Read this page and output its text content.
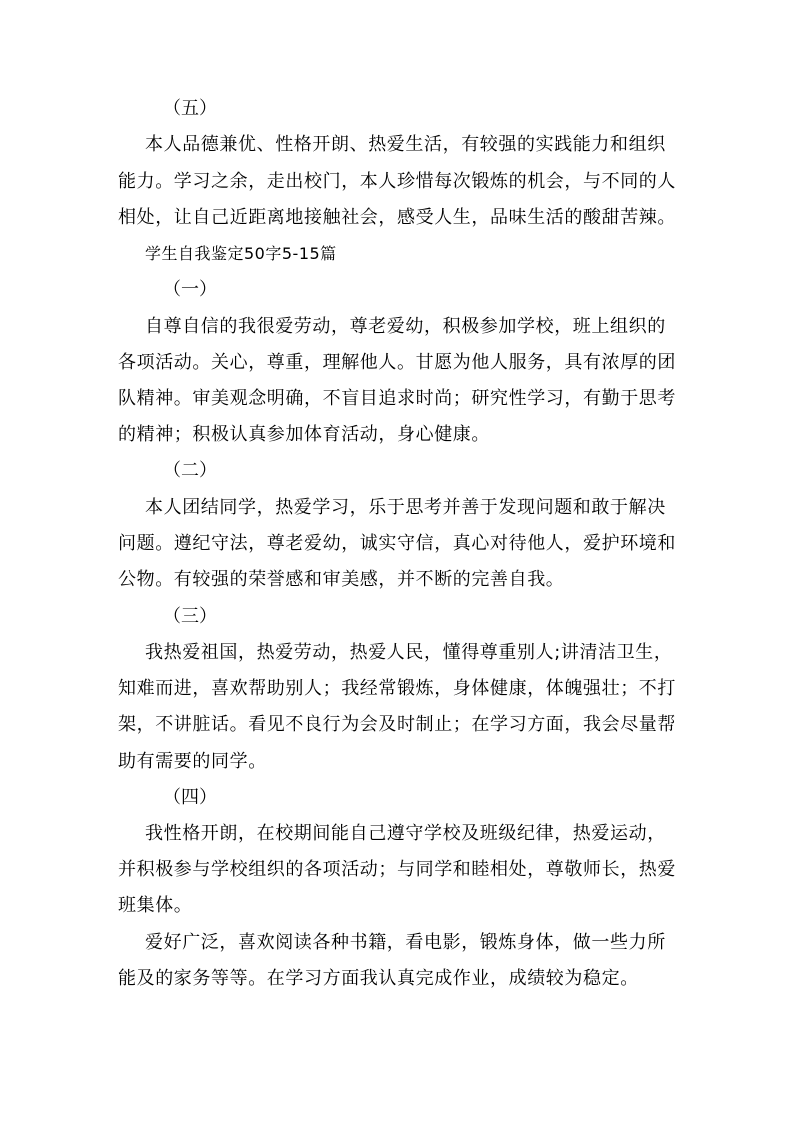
（五）
本人品德兼优、性格开朗、热爱生活，有较强的实践能力和组织
能力。学习之余，走出校门，本人珍惜每次锻炼的机会，与不同的人
相处，让自己近距离地接触社会，感受人生，品味生活的酸甜苦辣。
学生自我鉴定50字5-15篇
（一）
自尊自信的我很爱劳动，尊老爱幼，积极参加学校，班上组织的
各项活动。关心，尊重，理解他人。甘愿为他人服务，具有浓厚的团
队精神。审美观念明确，不盲目追求时尚；研究性学习，有勤于思考
的精神；积极认真参加体育活动，身心健康。
（二）
本人团结同学，热爱学习，乐于思考并善于发现问题和敢于解决
问题。遵纪守法，尊老爱幼，诚实守信，真心对待他人，爱护环境和
公物。有较强的荣誉感和审美感，并不断的完善自我。
（三）
我热爱祖国，热爱劳动，热爱人民，懂得尊重别人;讲清洁卫生，
知难而进，喜欢帮助别人；我经常锻炼，身体健康，体魄强壮；不打
架，不讲脏话。看见不良行为会及时制止；在学习方面，我会尽量帮
助有需要的同学。
（四）
我性格开朗，在校期间能自己遵守学校及班级纪律，热爱运动，
并积极参与学校组织的各项活动；与同学和睦相处，尊敬师长，热爱
班集体。
爱好广泛，喜欢阅读各种书籍，看电影，锻炼身体，做一些力所
能及的家务等等。在学习方面我认真完成作业，成绩较为稳定。
